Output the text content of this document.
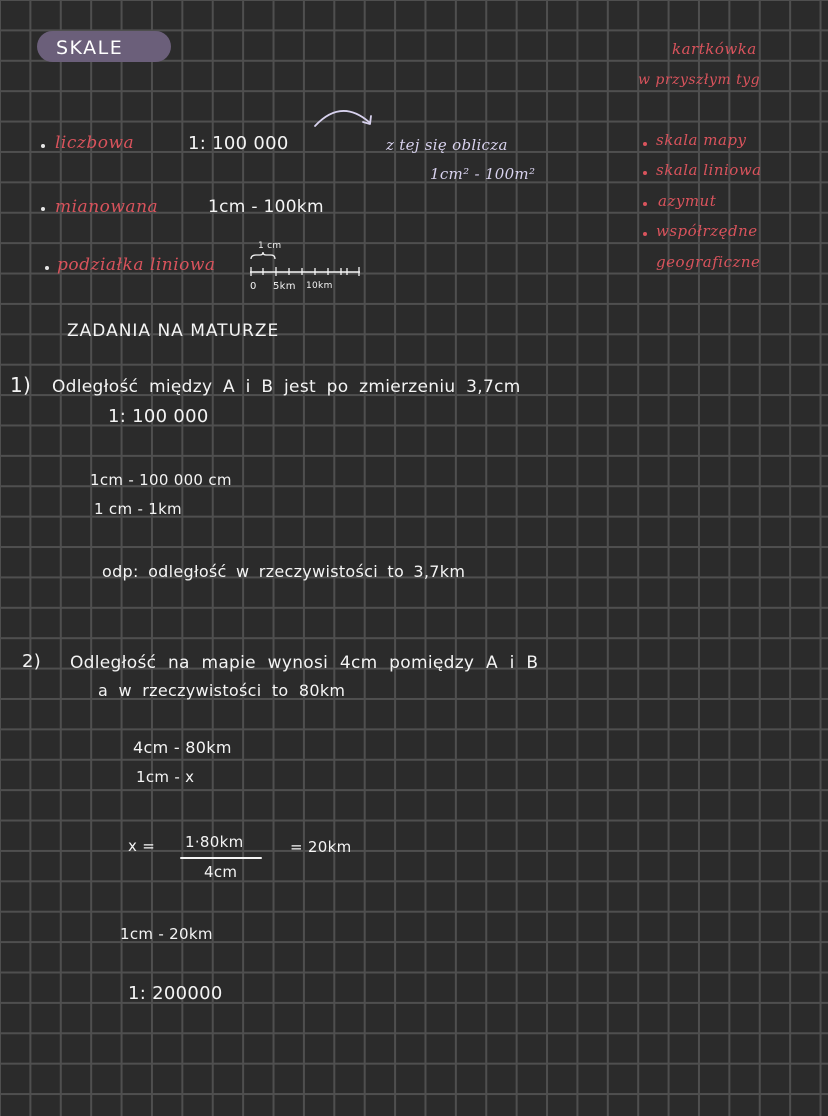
SKALE	kartkówka
w przyszłym tyg
skala mapy
skala liniowa
azymut
współrzędne
geograficzne
liczbowa	1: 100 000
mianowana	1cm - 100km
podziałka liniowa
1 cm
0 5km 10km
z tej się oblicza
1cm² - 100m²
ZADANIA NA MATURZE
1) Odległość między A i B jest po zmierzeniu 3,7cm
1: 100 000
1cm - 100 000 cm
1 cm - 1km
odp: odległość w rzeczywistości to 3,7km
2) Odległość na mapie wynosi 4cm pomiędzy A i B
a w rzeczywistości to 80km
4cm - 80km
1cm - x
x = 1·80km
4cm
= 20km
1cm - 20km
1: 200000
